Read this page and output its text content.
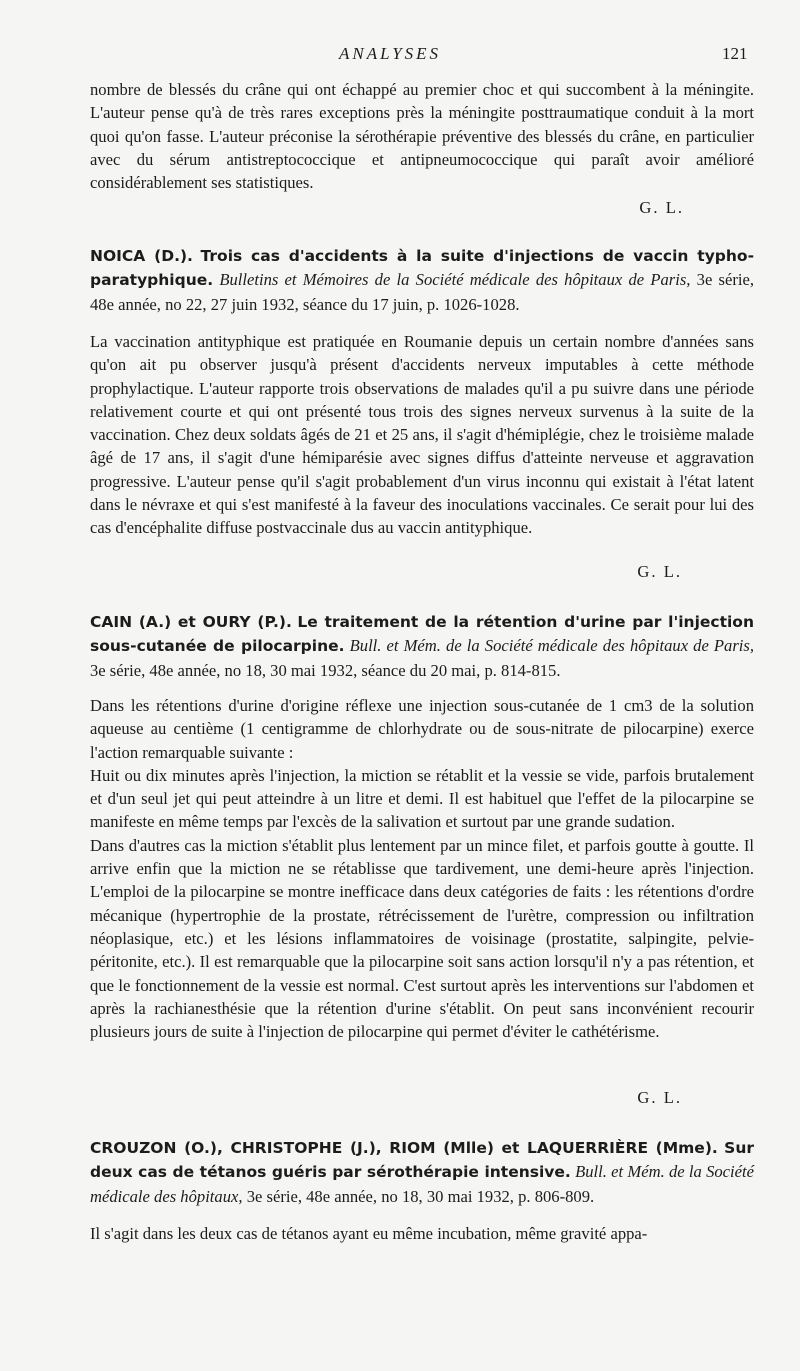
ANALYSES	121

nombre de blessés du crâne qui ont échappé au premier choc et qui succombent à la méningite. L'auteur pense qu'à de très rares exceptions près la méningite posttraumatique conduit à la mort quoi qu'on fasse. L'auteur préconise la sérothérapie préventive des blessés du crâne, en particulier avec du sérum antistreptococcique et antipneumococcique qui paraît avoir amélioré considérablement ses statistiques.

G. L.
NOICA (D.). Trois cas d'accidents à la suite d'injections de vaccin typho-paratyphique. Bulletins et Mémoires de la Société médicale des hôpitaux de Paris, 3e série, 48e année, no 22, 27 juin 1932, séance du 17 juin, p. 1026-1028.

La vaccination antityphique est pratiquée en Roumanie depuis un certain nombre d'années sans qu'on ait pu observer jusqu'à présent d'accidents nerveux imputables à cette méthode prophylactique. L'auteur rapporte trois observations de malades qu'il a pu suivre dans une période relativement courte et qui ont présenté tous trois des signes nerveux survenus à la suite de la vaccination. Chez deux soldats âgés de 21 et 25 ans, il s'agit d'hémiplégie, chez le troisième malade âgé de 17 ans, il s'agit d'une hémiparésie avec signes diffus d'atteinte nerveuse et aggravation progressive. L'auteur pense qu'il s'agit probablement d'un virus inconnu qui existait à l'état latent dans le névraxe et qui s'est manifesté à la faveur des inoculations vaccinales. Ce serait pour lui des cas d'encéphalite diffuse postvaccinale dus au vaccin antityphique.

G. L.
CAIN (A.) et OURY (P.). Le traitement de la rétention d'urine par l'injection sous-cutanée de pilocarpine. Bull. et Mém. de la Société médicale des hôpitaux de Paris, 3e série, 48e année, no 18, 30 mai 1932, séance du 20 mai, p. 814-815.

Dans les rétentions d'urine d'origine réflexe une injection sous-cutanée de 1 cm3 de la solution aqueuse au centième (1 centigramme de chlorhydrate ou de sous-nitrate de pilocarpine) exerce l'action remarquable suivante :

Huit ou dix minutes après l'injection, la miction se rétablit et la vessie se vide, parfois brutalement et d'un seul jet qui peut atteindre à un litre et demi. Il est habituel que l'effet de la pilocarpine se manifeste en même temps par l'excès de la salivation et surtout par une grande sudation.

Dans d'autres cas la miction s'établit plus lentement par un mince filet, et parfois goutte à goutte. Il arrive enfin que la miction ne se rétablisse que tardivement, une demi-heure après l'injection. L'emploi de la pilocarpine se montre inefficace dans deux catégories de faits : les rétentions d'ordre mécanique (hypertrophie de la prostate, rétrécissement de l'urètre, compression ou infiltration néoplasique, etc.) et les lésions inflammatoires de voisinage (prostatite, salpingite, pelvie-péritonite, etc.). Il est remarquable que la pilocarpine soit sans action lorsqu'il n'y a pas rétention, et que le fonctionnement de la vessie est normal. C'est surtout après les interventions sur l'abdomen et après la rachianesthésie que la rétention d'urine s'établit. On peut sans inconvénient recourir plusieurs jours de suite à l'injection de pilocarpine qui permet d'éviter le cathétérisme.

G. L.
CROUZON (O.), CHRISTOPHE (J.), RIOM (Mlle) et LAQUERRIÈRE (Mme). Sur deux cas de tétanos guéris par sérothérapie intensive. Bull. et Mém. de la Société médicale des hôpitaux, 3e série, 48e année, no 18, 30 mai 1932, p. 806-809.

Il s'agit dans les deux cas de tétanos ayant eu même incubation, même gravité appa-
